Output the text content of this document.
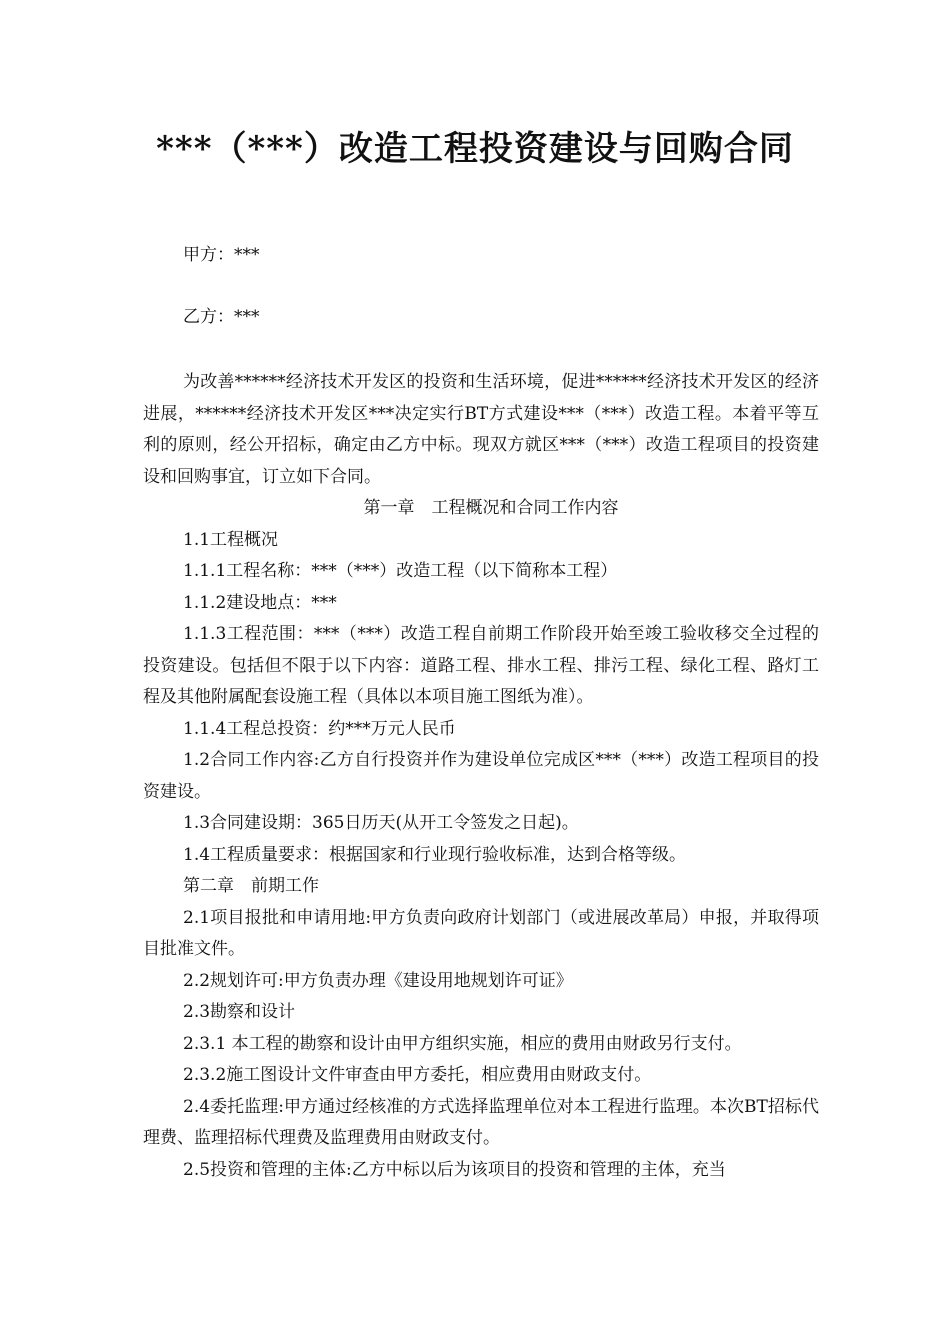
***（***）改造工程投资建设与回购合同
甲方：***
乙方：***

为改善******经济技术开发区的投资和生活环境，促进******经济技术开发区的经济进展，******经济技术开发区***决定实行BT方式建设***（***）改造工程。本着平等互利的原则，经公开招标，确定由乙方中标。现双方就区***（***）改造工程项目的投资建设和回购事宜，订立如下合同。

第一章　工程概况和合同工作内容

1.1工程概况

1.1.1工程名称：***（***）改造工程（以下简称本工程）

1.1.2建设地点：***

1.1.3工程范围：***（***）改造工程自前期工作阶段开始至竣工验收移交全过程的投资建设。包括但不限于以下内容：道路工程、排水工程、排污工程、绿化工程、路灯工程及其他附属配套设施工程（具体以本项目施工图纸为准）。

1.1.4工程总投资：约***万元人民币

1.2合同工作内容:乙方自行投资并作为建设单位完成区***（***）改造工程项目的投资建设。

1.3合同建设期：365日历天(从开工令签发之日起)。

1.4工程质量要求：根据国家和行业现行验收标准，达到合格等级。

第二章　前期工作

2.1项目报批和申请用地:甲方负责向政府计划部门（或进展改革局）申报，并取得项目批准文件。

2.2规划许可:甲方负责办理《建设用地规划许可证》

2.3勘察和设计

2.3.1 本工程的勘察和设计由甲方组织实施，相应的费用由财政另行支付。

2.3.2施工图设计文件审查由甲方委托，相应费用由财政支付。

2.4委托监理:甲方通过经核准的方式选择监理单位对本工程进行监理。本次BT招标代理费、监理招标代理费及监理费用由财政支付。

2.5投资和管理的主体:乙方中标以后为该项目的投资和管理的主体，充当
